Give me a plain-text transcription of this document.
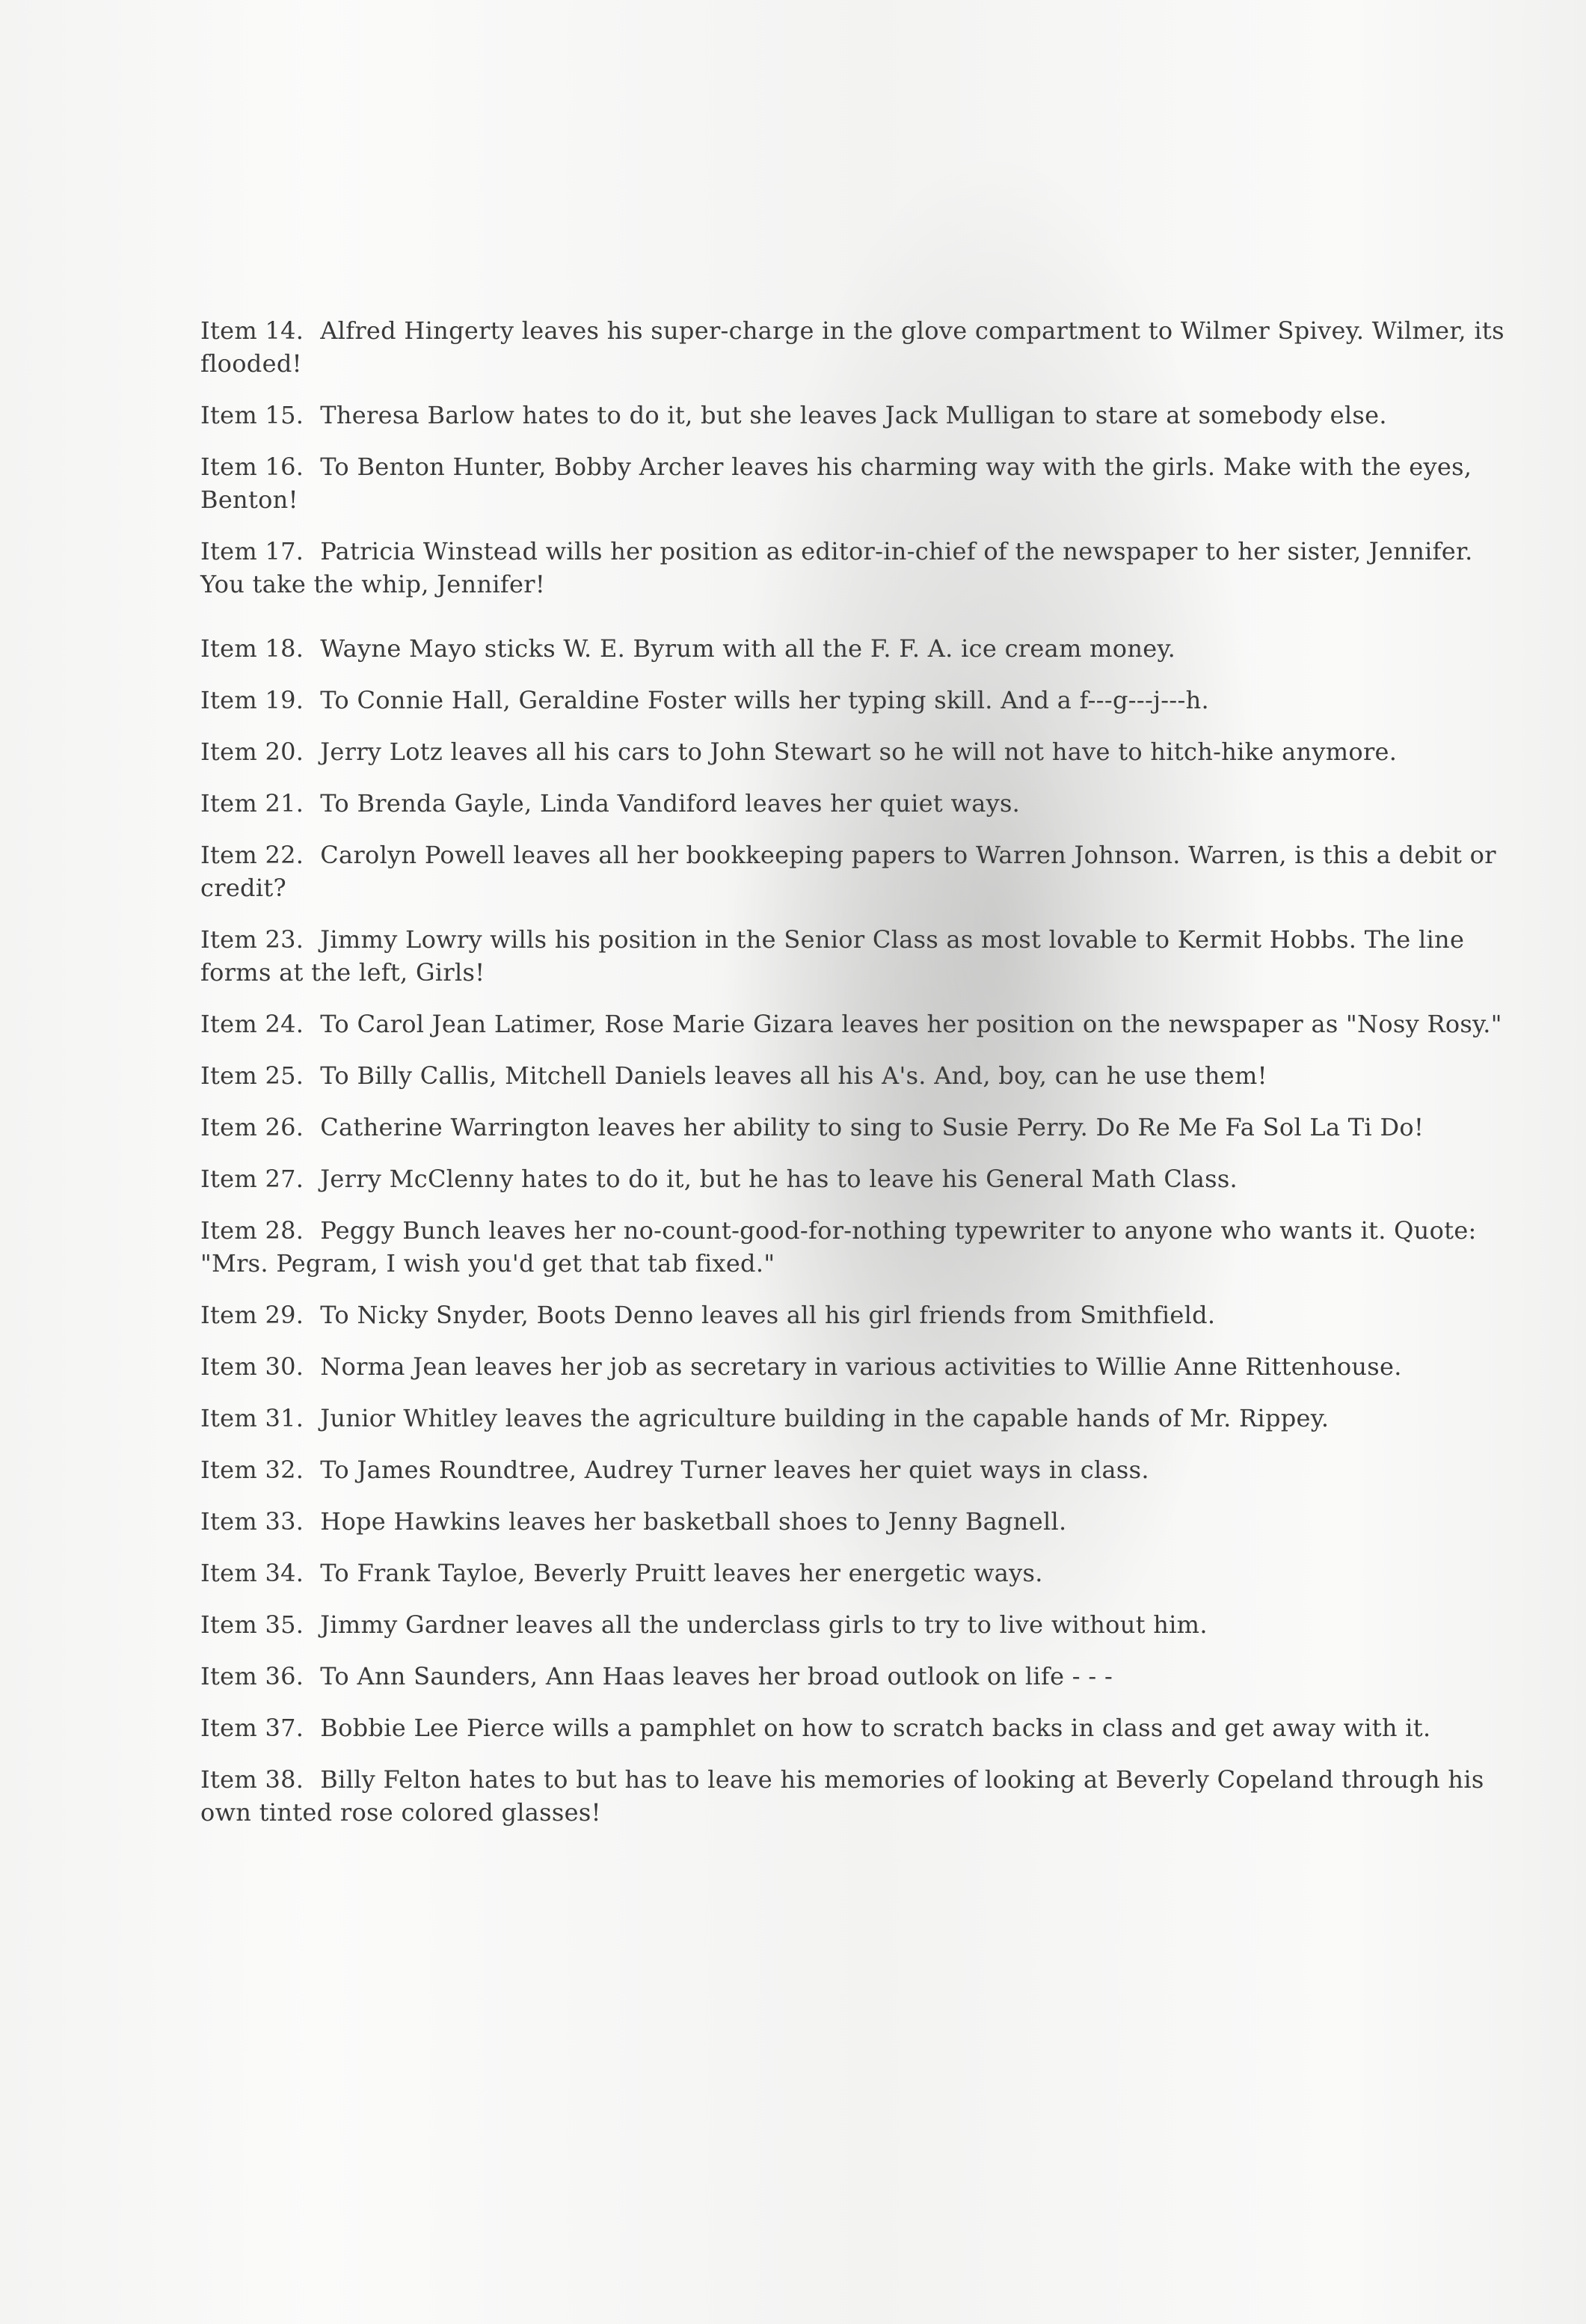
Item 14. Alfred Hingerty leaves his super-charge in the glove compartment to Wilmer Spivey. Wilmer, its flooded!

Item 15. Theresa Barlow hates to do it, but she leaves Jack Mulligan to stare at somebody else.

Item 16. To Benton Hunter, Bobby Archer leaves his charming way with the girls. Make with the eyes, Benton!

Item 17. Patricia Winstead wills her position as editor-in-chief of the newspaper to her sister, Jennifer. You take the whip, Jennifer!

Item 18. Wayne Mayo sticks W. E. Byrum with all the F. F. A. ice cream money.

Item 19. To Connie Hall, Geraldine Foster wills her typing skill. And a f---g---j---h.

Item 20. Jerry Lotz leaves all his cars to John Stewart so he will not have to hitch-hike anymore.

Item 21. To Brenda Gayle, Linda Vandiford leaves her quiet ways.

Item 22. Carolyn Powell leaves all her bookkeeping papers to Warren Johnson. Warren, is this a debit or credit?

Item 23. Jimmy Lowry wills his position in the Senior Class as most lovable to Kermit Hobbs. The line forms at the left, Girls!

Item 24. To Carol Jean Latimer, Rose Marie Gizara leaves her position on the newspaper as "Nosy Rosy."

Item 25. To Billy Callis, Mitchell Daniels leaves all his A's. And, boy, can he use them!

Item 26. Catherine Warrington leaves her ability to sing to Susie Perry. Do Re Me Fa Sol La Ti Do!

Item 27. Jerry McClenny hates to do it, but he has to leave his General Math Class.

Item 28. Peggy Bunch leaves her no-count-good-for-nothing typewriter to anyone who wants it. Quote: "Mrs. Pegram, I wish you'd get that tab fixed."

Item 29. To Nicky Snyder, Boots Denno leaves all his girl friends from Smithfield.

Item 30. Norma Jean leaves her job as secretary in various activities to Willie Anne Rittenhouse.

Item 31. Junior Whitley leaves the agriculture building in the capable hands of Mr. Rippey.

Item 32. To James Roundtree, Audrey Turner leaves her quiet ways in class.

Item 33. Hope Hawkins leaves her basketball shoes to Jenny Bagnell.

Item 34. To Frank Tayloe, Beverly Pruitt leaves her energetic ways.

Item 35. Jimmy Gardner leaves all the underclass girls to try to live without him.

Item 36. To Ann Saunders, Ann Haas leaves her broad outlook on life - - -

Item 37. Bobbie Lee Pierce wills a pamphlet on how to scratch backs in class and get away with it.

Item 38. Billy Felton hates to but has to leave his memories of looking at Beverly Copeland through his own tinted rose colored glasses!
